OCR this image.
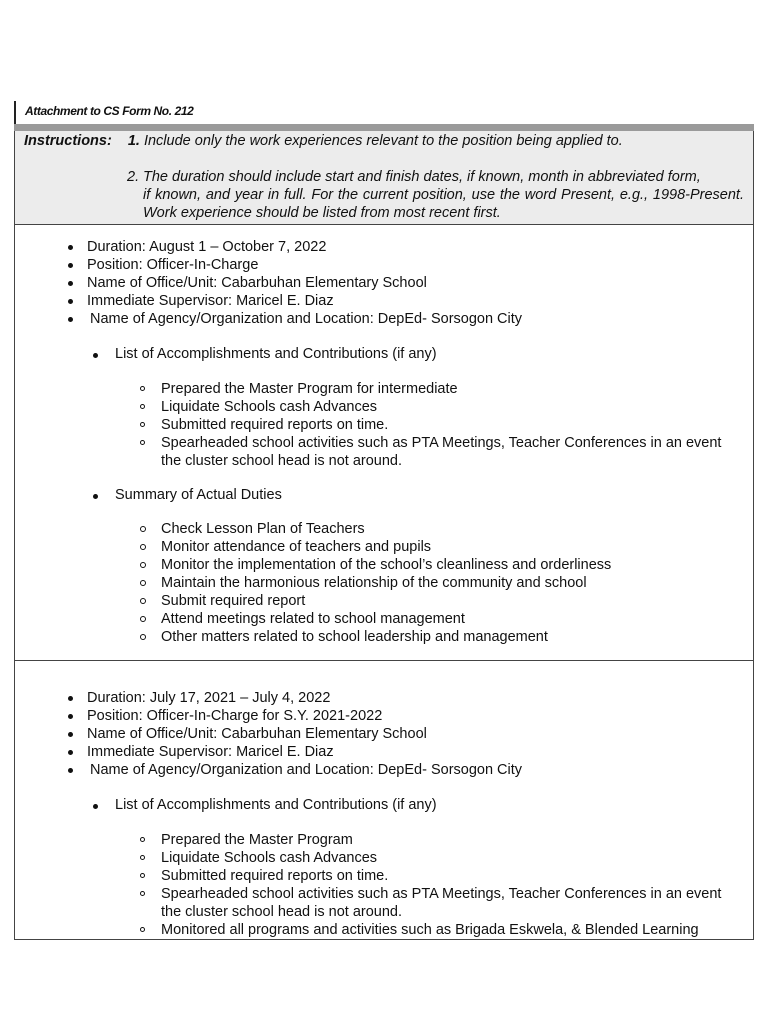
Attachment to CS Form No. 212
Instructions: 1. Include only the work experiences relevant to the position being applied to.
2. The duration should include start and finish dates, if known, month in abbreviated form,
if known, and year in full. For the current position, use the word Present, e.g., 1998-Present. Work experience should be listed from most recent first.
Duration: August 1 – October 7, 2022
Position: Officer-In-Charge
Name of Office/Unit: Cabarbuhan Elementary School
Immediate Supervisor: Maricel E. Diaz
Name of Agency/Organization and Location: DepEd- Sorsogon City
List of Accomplishments and Contributions (if any)
Prepared the Master Program for intermediate
Liquidate Schools cash Advances
Submitted required reports on time.
Spearheaded school activities such as PTA Meetings, Teacher Conferences in an event the cluster school head is not around.
Summary of Actual Duties
Check Lesson Plan of Teachers
Monitor attendance of teachers and pupils
Monitor the implementation of the school’s cleanliness and orderliness
Maintain the harmonious relationship of the community and school
Submit required report
Attend meetings related to school management
Other matters related to school leadership and management
Duration: July 17, 2021 – July 4, 2022
Position: Officer-In-Charge for S.Y. 2021-2022
Name of Office/Unit: Cabarbuhan Elementary School
Immediate Supervisor: Maricel E. Diaz
Name of Agency/Organization and Location: DepEd- Sorsogon City
List of Accomplishments and Contributions (if any)
Prepared the Master Program
Liquidate Schools cash Advances
Submitted required reports on time.
Spearheaded school activities such as PTA Meetings, Teacher Conferences in an event the cluster school head is not around.
Monitored all programs and activities such as Brigada Eskwela, & Blended Learning
